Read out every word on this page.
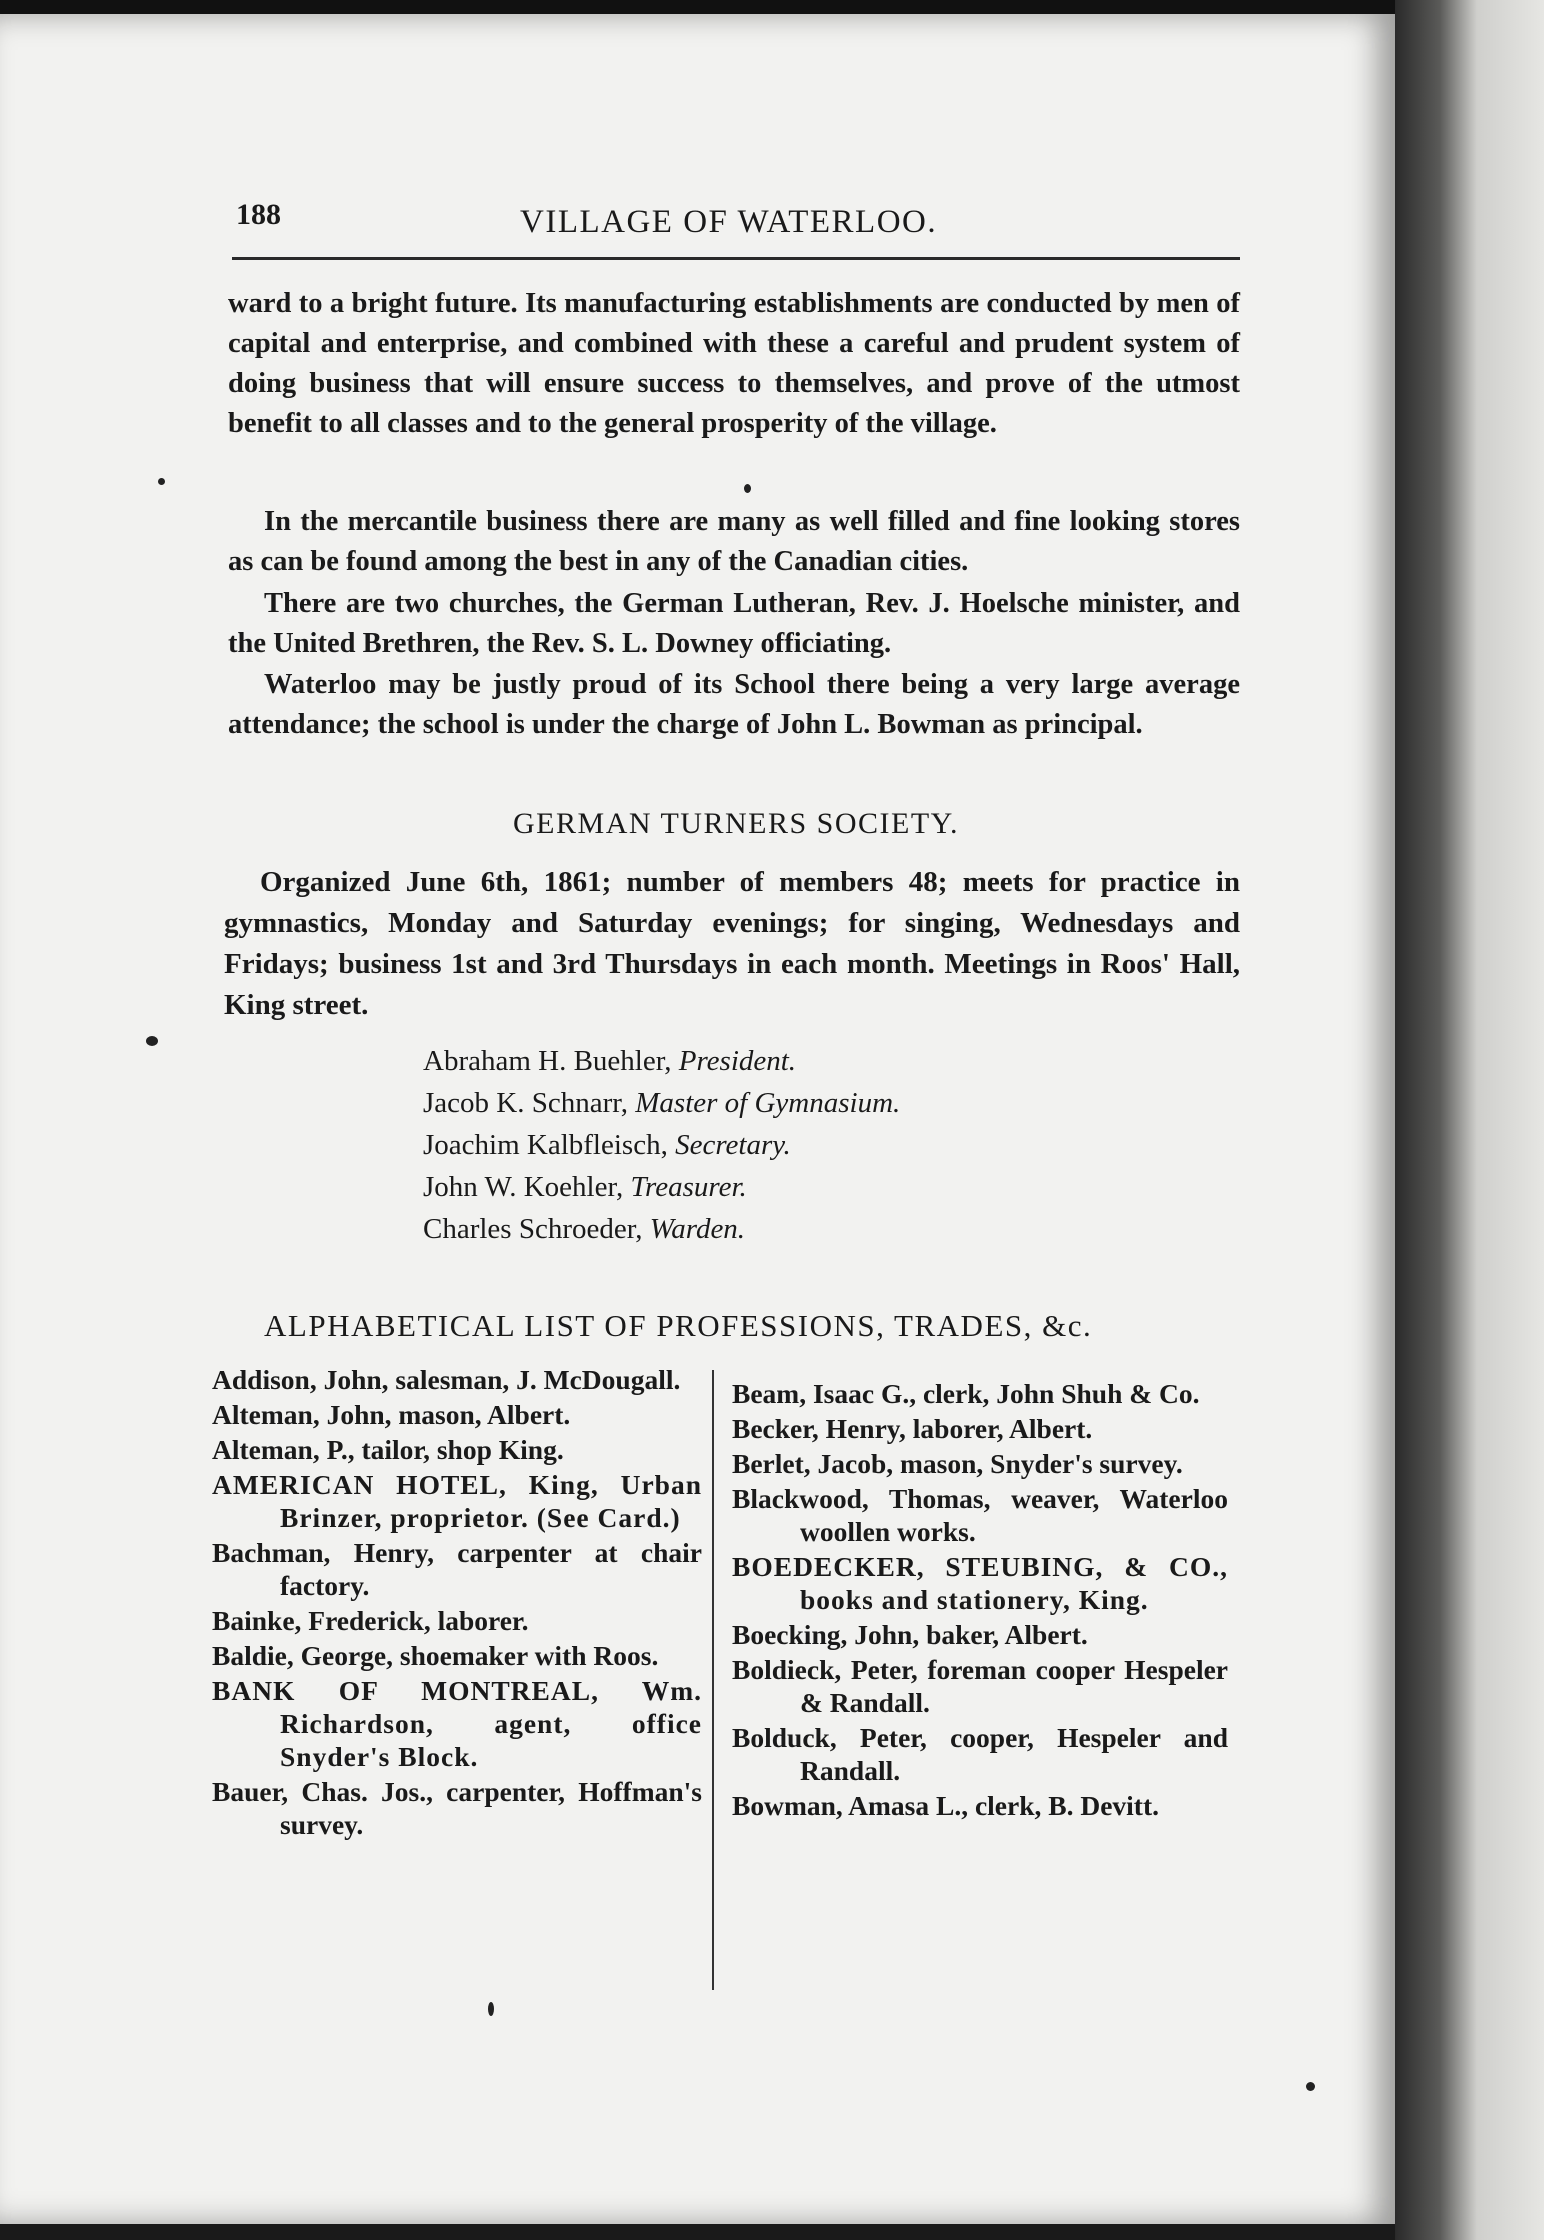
188	VILLAGE OF WATERLOO.

ward to a bright future. Its manufacturing establishments are conducted by men of capital and enterprise, and combined with these a careful and prudent system of doing business that will ensure success to themselves, and prove of the utmost benefit to all classes and to the general prosperity of the village.

In the mercantile business there are many as well filled and fine looking stores as can be found among the best in any of the Canadian cities.

There are two churches, the German Lutheran, Rev. J. Hoelsche minister, and the United Brethren, the Rev. S. L. Downey officiating.

Waterloo may be justly proud of its School there being a very large average attendance; the school is under the charge of John L. Bowman as principal.

GERMAN TURNERS SOCIETY.

Organized June 6th, 1861; number of members 48; meets for practice in gymnastics, Monday and Saturday evenings; for singing, Wednesdays and Fridays; business 1st and 3rd Thursdays in each month. Meetings in Roos' Hall, King street.

Abraham H. Buehler, President.
Jacob K. Schnarr, Master of Gymnasium.
Joachim Kalbfleisch, Secretary.
John W. Koehler, Treasurer.
Charles Schroeder, Warden.
ALPHABETICAL LIST OF PROFESSIONS, TRADES, &c.
Addison, John, salesman, J. McDougall.
Alteman, John, mason, Albert.
Alteman, P., tailor, shop King.
AMERICAN HOTEL, King, Urban Brinzer, proprietor. (See Card.)
Bachman, Henry, carpenter at chair factory.
Bainke, Frederick, laborer.
Baldie, George, shoemaker with Roos.
BANK OF MONTREAL, Wm. Richardson, agent, office Snyder's Block.
Bauer, Chas. Jos., carpenter, Hoffman's survey.
Beam, Isaac G., clerk, John Shuh & Co.
Becker, Henry, laborer, Albert.
Berlet, Jacob, mason, Snyder's survey.
Blackwood, Thomas, weaver, Waterloo woollen works.
BOEDECKER, STEUBING, & CO., books and stationery, King.
Boecking, John, baker, Albert.
Boldieck, Peter, foreman cooper Hespeler & Randall.
Bolduck, Peter, cooper, Hespeler and Randall.
Bowman, Amasa L., clerk, B. Devitt.
